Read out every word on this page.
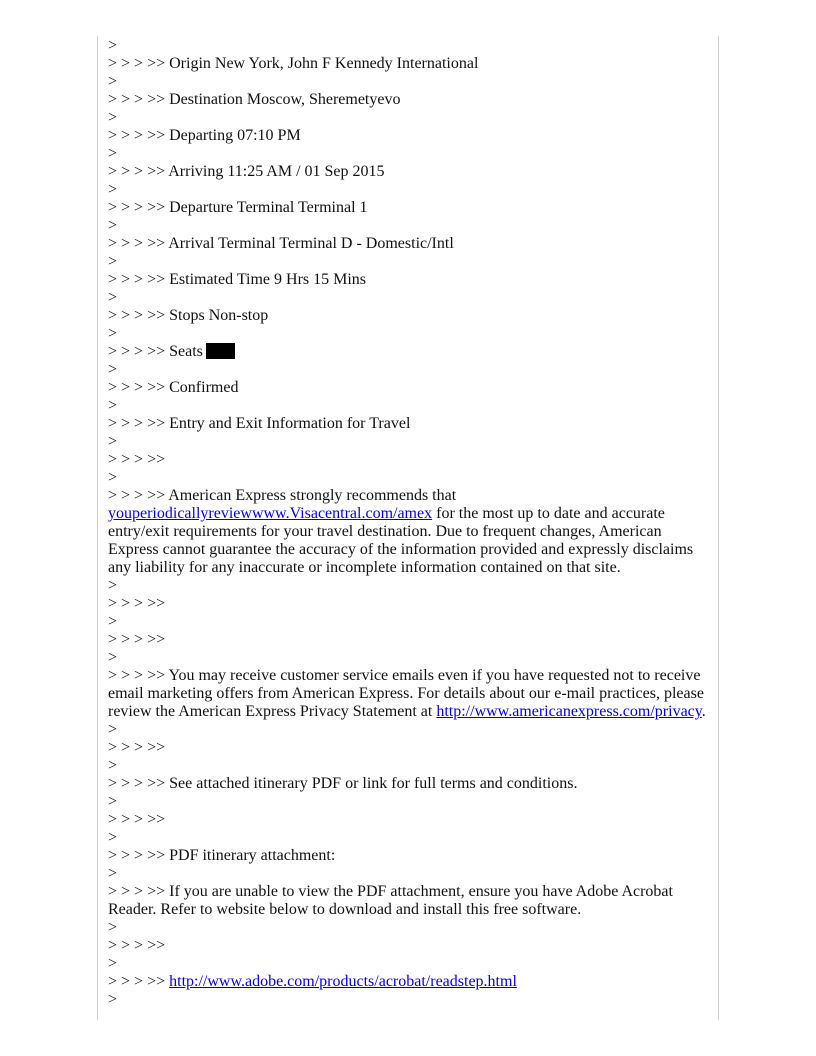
>
> > > >> Origin New York, John F Kennedy International
>
> > > >> Destination Moscow, Sheremetyevo
>
> > > >> Departing 07:10 PM
>
> > > >> Arriving 11:25 AM / 01 Sep 2015
>
> > > >> Departure Terminal Terminal 1
>
> > > >> Arrival Terminal Terminal D - Domestic/Intl
>
> > > >> Estimated Time 9 Hrs 15 Mins
>
> > > >> Stops Non-stop
>
> > > >> Seats
>
> > > >> Confirmed
>
> > > >> Entry and Exit Information for Travel
>
> > > >>
>
> > > >> American Express strongly recommends that
youperiodicallyreviewwww.Visacentral.com/amex for the most up to date and accurate entry/exit requirements for your travel destination. Due to frequent changes, American Express cannot guarantee the accuracy of the information provided and expressly disclaims any liability for any inaccurate or incomplete information contained on that site.
>
> > > >>
>
> > > >>
>
> > > >> You may receive customer service emails even if you have requested not to receive email marketing offers from American Express. For details about our e-mail practices, please review the American Express Privacy Statement at http://www.americanexpress.com/privacy.
>
> > > >>
>
> > > >> See attached itinerary PDF or link for full terms and conditions.
>
> > > >>
>
> > > >> PDF itinerary attachment:
>
> > > >> If you are unable to view the PDF attachment, ensure you have Adobe Acrobat Reader. Refer to website below to download and install this free software.
>
> > > >>
>
> > > >> http://www.adobe.com/products/acrobat/readstep.html
>
